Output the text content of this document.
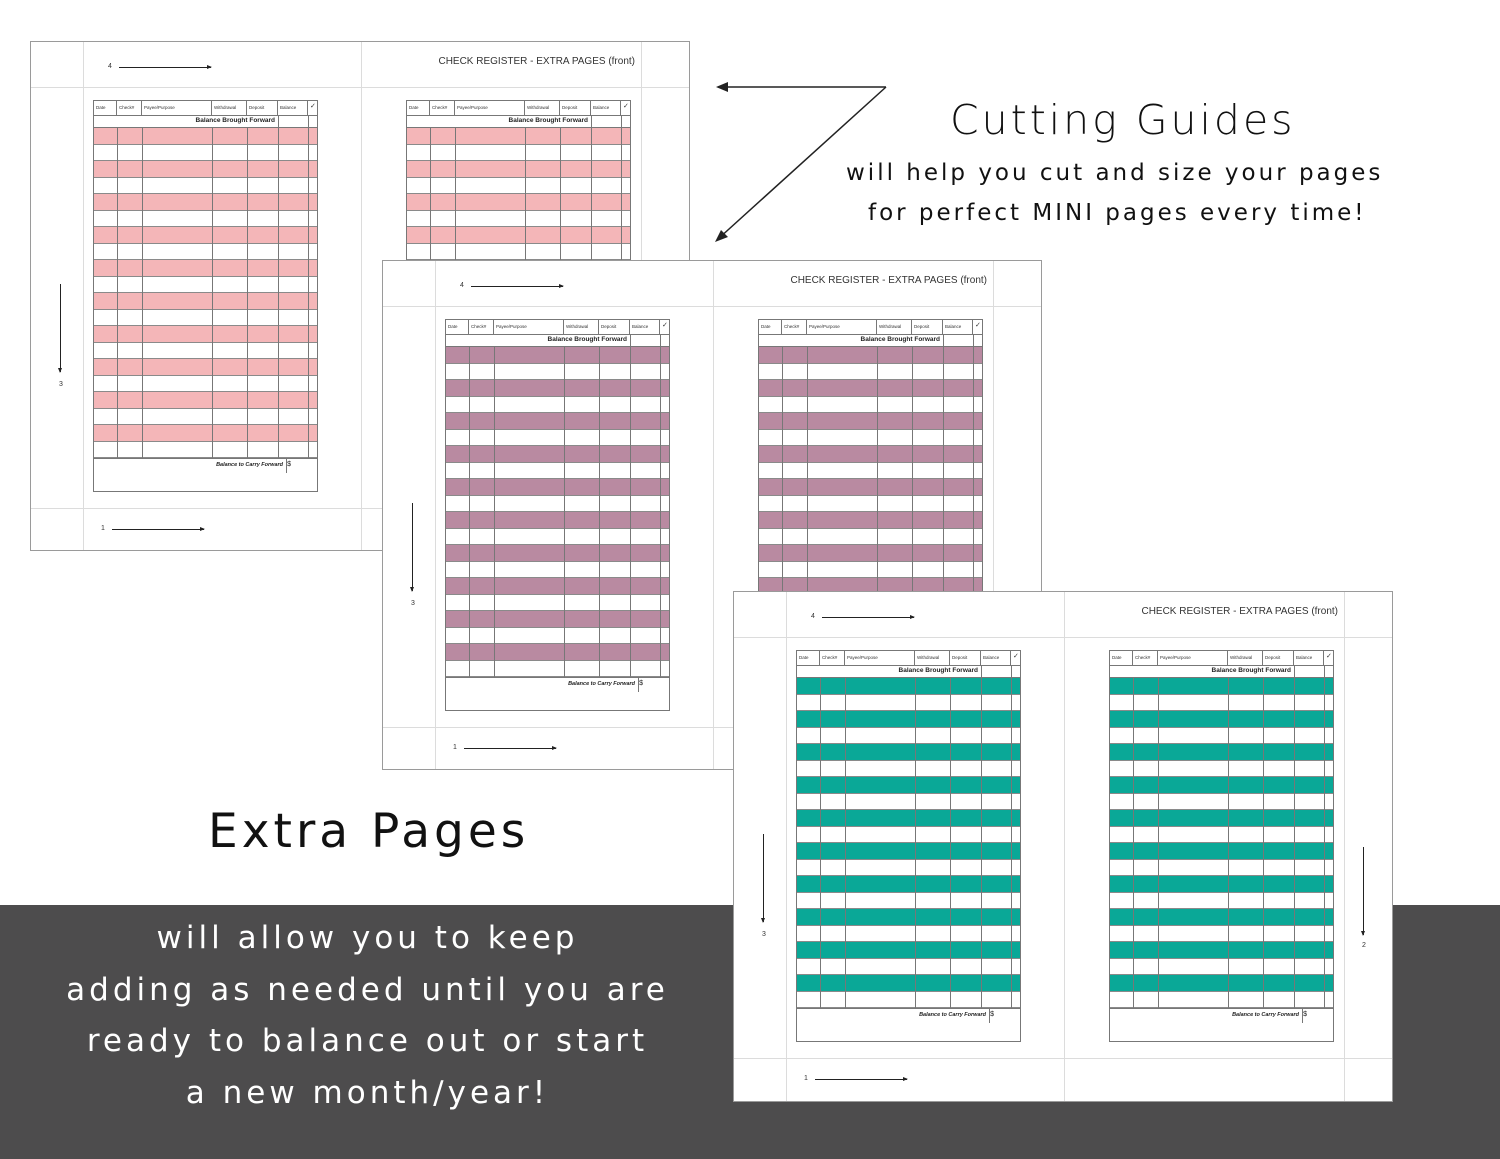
CHECK REGISTER - EXTRA PAGES (front)
4
1
3
Date	Check#	Payee/Purpose	Withdrawal	Deposit	Balance	✓
Balance Brought Forward
Balance to Carry Forward $
Date	Check#	Payee/Purpose	Withdrawal	Deposit	Balance	✓
Balance Brought Forward
CHECK REGISTER - EXTRA PAGES (front)
4
1
3
Date	Check#	Payee/Purpose	Withdrawal	Deposit	Balance	✓
Balance Brought Forward
Balance to Carry Forward $
Date	Check#	Payee/Purpose	Withdrawal	Deposit	Balance	✓
Balance Brought Forward
CHECK REGISTER - EXTRA PAGES (front)
4
1
3
2
Date	Check#	Payee/Purpose	Withdrawal	Deposit	Balance	✓
Balance Brought Forward
Balance to Carry Forward $
Date	Check#	Payee/Purpose	Withdrawal	Deposit	Balance	✓
Balance Brought Forward
Balance to Carry Forward $
Cutting Guides
will help you cut and size your pages
for perfect MINI pages every time!
Extra Pages
will allow you to keep
adding as needed until you are
ready to balance out or start
a new month/year!
